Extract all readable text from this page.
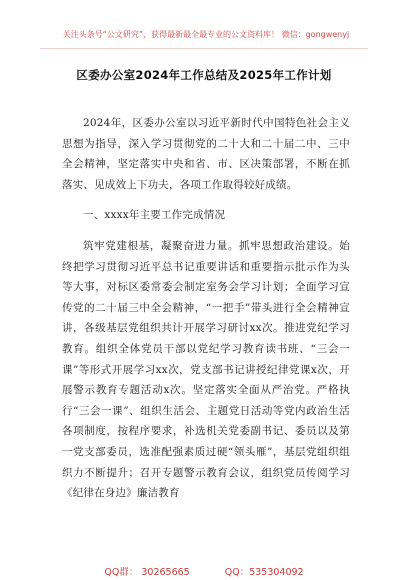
关注头条号“公文研究”，获得最新最全最专业的公文资料库！ 微信：gongwenyj
区委办公室2024年工作总结及2025年工作计划

2024年，区委办公室以习近平新时代中国特色社会主义思想为指导，深入学习贯彻党的二十大和二十届二中、三中全会精神，坚定落实中央和省、市、区决策部署，不断在抓落实、见成效上下功夫，各项工作取得较好成绩。

一、xxxx年主要工作完成情况

筑牢党建根基，凝聚奋进力量。抓牢思想政治建设。始终把学习贯彻习近平总书记重要讲话和重要指示批示作为头等大事，对标区委常委会制定室务会学习计划；全面学习宣传党的二十届三中全会精神，“一把手”带头进行全会精神宣讲，各级基层党组织共计开展学习研讨xx次。推进党纪学习教育。组织全体党员干部以党纪学习教育读书班、“三会一课”等形式开展学习xx次，党支部书记讲授纪律党课x次，开展警示教育专题活动x次。坚定落实全面从严治党。严格执行“三会一课”、组织生活会、主题党日活动等党内政治生活各项制度，按程序要求，补选机关党委副书记、委员以及第一党支部委员，选准配强素质过硬“领头雁”，基层党组织组织力不断提升；召开专题警示教育会议，组织党员传阅学习《纪律在身边》廉洁教育

QQ群： 30265665	QQ：535304092
